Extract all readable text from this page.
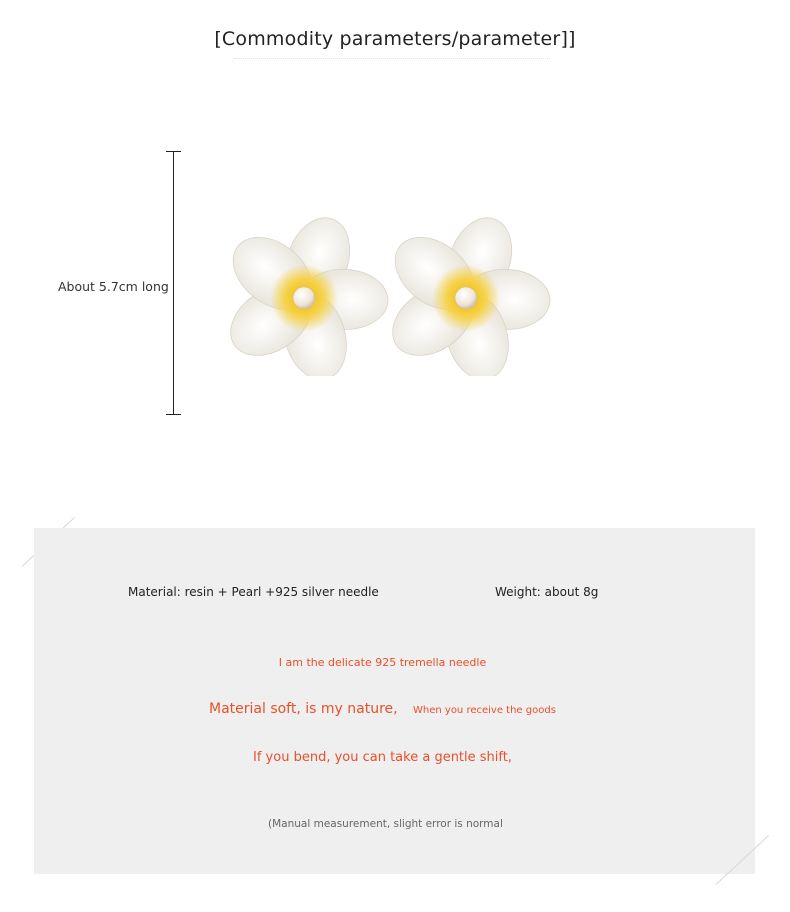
[Commodity parameters/parameter]]
About 5.7cm long
Material: resin + Pearl +925 silver needle	Weight: about 8g
I am the delicate 925 tremella needle
Material soft, is my nature, When you receive the goods
If you bend, you can take a gentle shift,
(Manual measurement, slight error is normal
